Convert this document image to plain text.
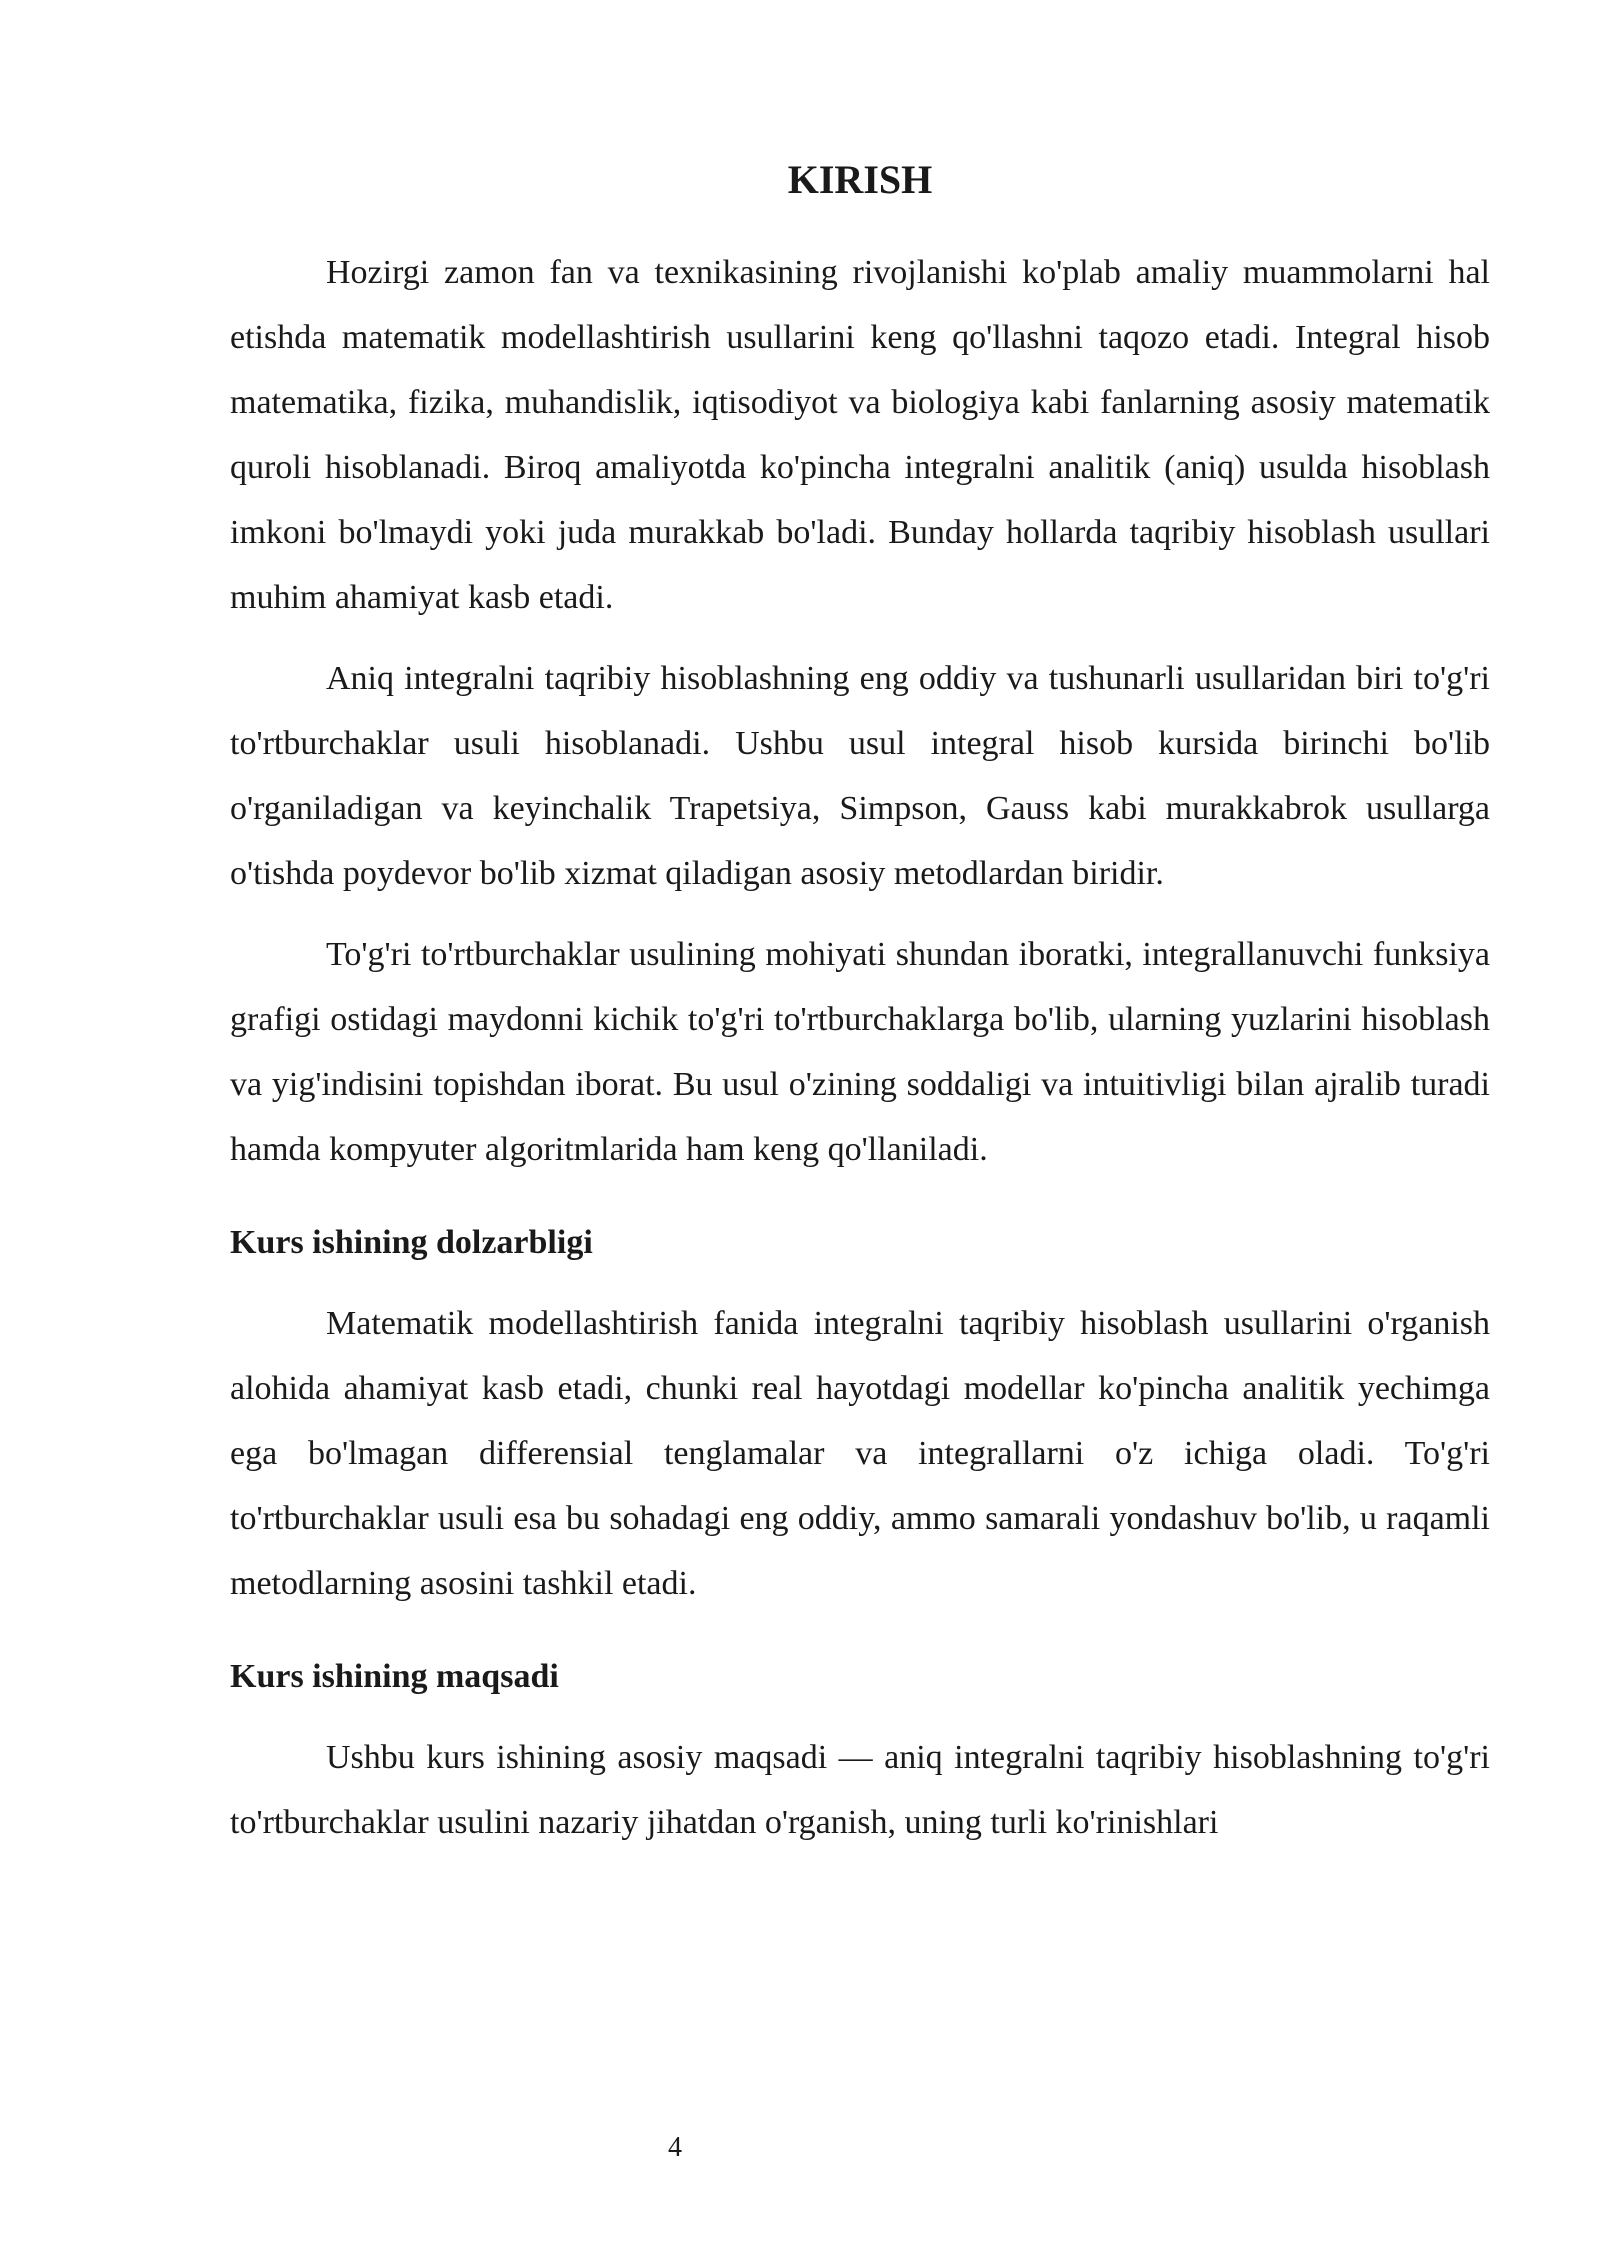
KIRISH

Hozirgi zamon fan va texnikasining rivojlanishi ko'plab amaliy muammolarni hal etishda matematik modellashtirish usullarini keng qo'llashni taqozo etadi. Integral hisob matematika, fizika, muhandislik, iqtisodiyot va biologiya kabi fanlarning asosiy matematik quroli hisoblanadi. Biroq amaliyotda ko'pincha integralni analitik (aniq) usulda hisoblash imkoni bo'lmaydi yoki juda murakkab bo'ladi. Bunday hollarda taqribiy hisoblash usullari muhim ahamiyat kasb etadi.

Aniq integralni taqribiy hisoblashning eng oddiy va tushunarli usullaridan biri to'g'ri to'rtburchaklar usuli hisoblanadi. Ushbu usul integral hisob kursida birinchi bo'lib o'rganiladigan va keyinchalik Trapetsiya, Simpson, Gauss kabi murakkabrok usullarga o'tishda poydevor bo'lib xizmat qiladigan asosiy metodlardan biridir.

To'g'ri to'rtburchaklar usulining mohiyati shundan iboratki, integrallanuvchi funksiya grafigi ostidagi maydonni kichik to'g'ri to'rtburchaklarga bo'lib, ularning yuzlarini hisoblash va yig'indisini topishdan iborat. Bu usul o'zining soddaligi va intuitivligi bilan ajralib turadi hamda kompyuter algoritmlarida ham keng qo'llaniladi.

Kurs ishining dolzarbligi

Matematik modellashtirish fanida integralni taqribiy hisoblash usullarini o'rganish alohida ahamiyat kasb etadi, chunki real hayotdagi modellar ko'pincha analitik yechimga ega bo'lmagan differensial tenglamalar va integrallarni o'z ichiga oladi. To'g'ri to'rtburchaklar usuli esa bu sohadagi eng oddiy, ammo samarali yondashuv bo'lib, u raqamli metodlarning asosini tashkil etadi.

Kurs ishining maqsadi

Ushbu kurs ishining asosiy maqsadi — aniq integralni taqribiy hisoblashning to'g'ri to'rtburchaklar usulini nazariy jihatdan o'rganish, uning turli ko'rinishlari

4
